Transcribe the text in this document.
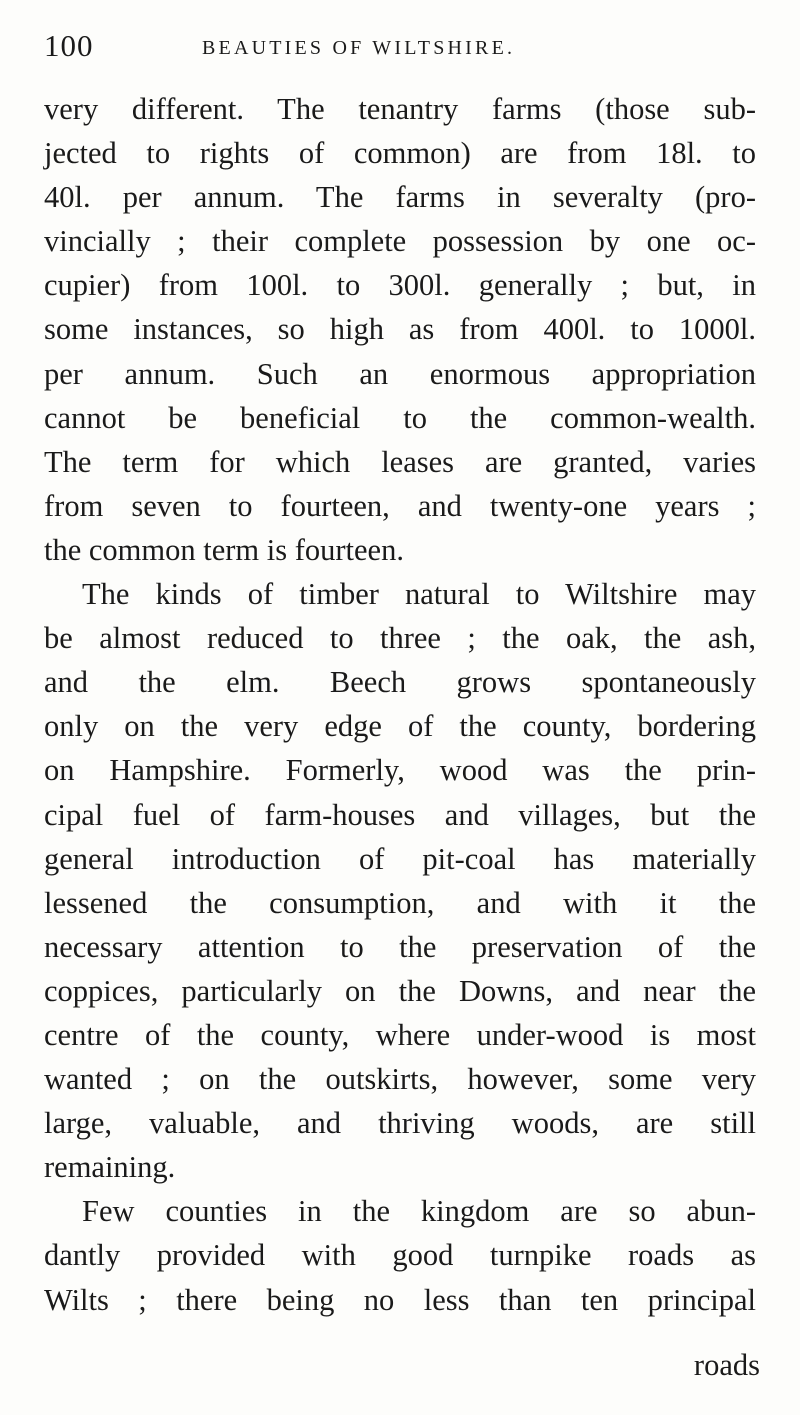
100	BEAUTIES OF WILTSHIRE.
very different. The tenantry farms (those sub-
jected to rights of common) are from 18l. to
40l. per annum. The farms in severalty (pro-
vincially ; their complete possession by one oc-
cupier) from 100l. to 300l. generally ; but, in
some instances, so high as from 400l. to 1000l.
per annum. Such an enormous appropriation
cannot be beneficial to the common-wealth.
The term for which leases are granted, varies
from seven to fourteen, and twenty-one years ;
the common term is fourteen.
The kinds of timber natural to Wiltshire may
be almost reduced to three ; the oak, the ash,
and the elm. Beech grows spontaneously
only on the very edge of the county, bordering
on Hampshire. Formerly, wood was the prin-
cipal fuel of farm-houses and villages, but the
general introduction of pit-coal has materially
lessened the consumption, and with it the
necessary attention to the preservation of the
coppices, particularly on the Downs, and near the
centre of the county, where under-wood is most
wanted ; on the outskirts, however, some very
large, valuable, and thriving woods, are still
remaining.
Few counties in the kingdom are so abun-
dantly provided with good turnpike roads as
Wilts ; there being no less than ten principal
roads
